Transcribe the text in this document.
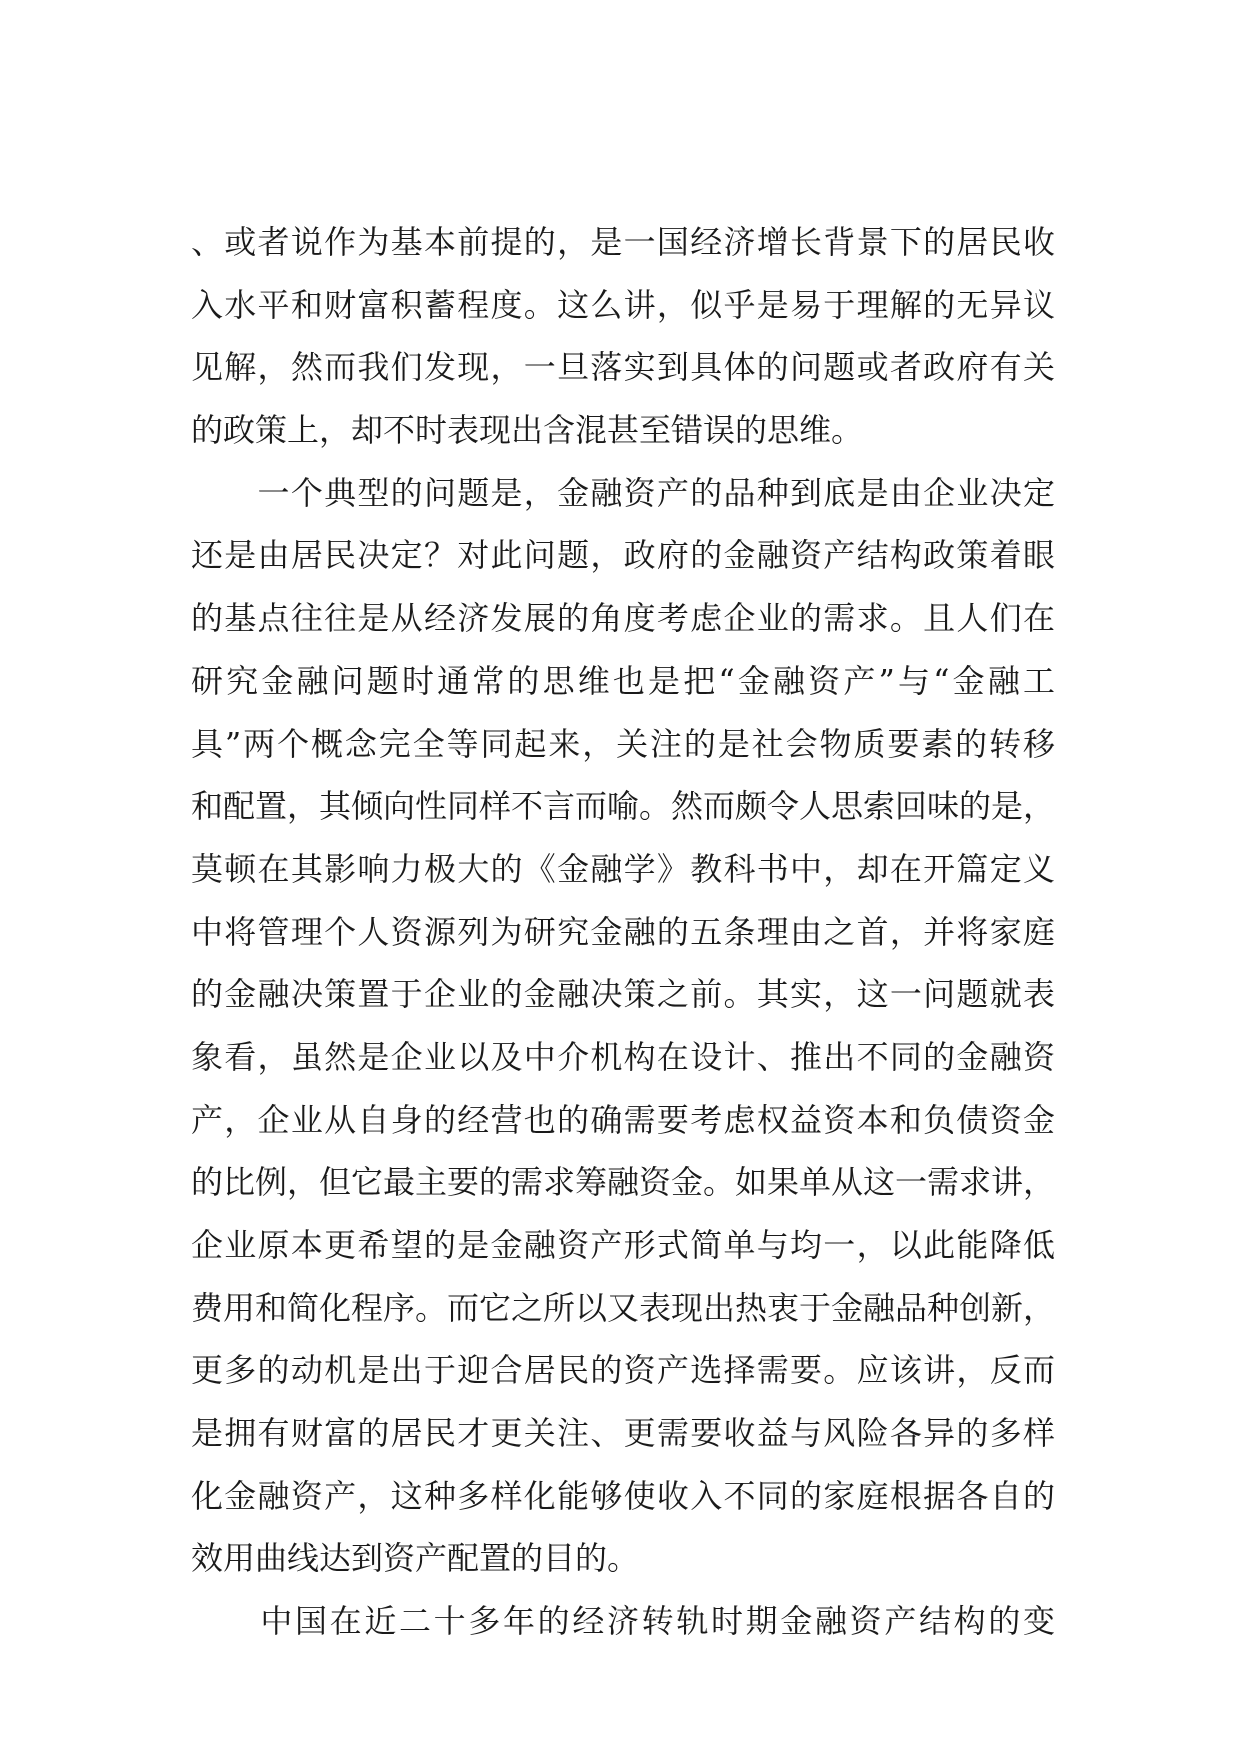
、或者说作为基本前提的，是一国经济增长背景下的居民收
入水平和财富积蓄程度。这么讲，似乎是易于理解的无异议
见解，然而我们发现，一旦落实到具体的问题或者政府有关
的政策上，却不时表现出含混甚至错误的思维。
　　一个典型的问题是，金融资产的品种到底是由企业决定
还是由居民决定？对此问题，政府的金融资产结构政策着眼
的基点往往是从经济发展的角度考虑企业的需求。且人们在
研究金融问题时通常的思维也是把“金融资产”与“金融工
具”两个概念完全等同起来，关注的是社会物质要素的转移
和配置，其倾向性同样不言而喻。然而颇令人思索回味的是，
莫顿在其影响力极大的《金融学》教科书中，却在开篇定义
中将管理个人资源列为研究金融的五条理由之首，并将家庭
的金融决策置于企业的金融决策之前。其实，这一问题就表
象看，虽然是企业以及中介机构在设计、推出不同的金融资
产，企业从自身的经营也的确需要考虑权益资本和负债资金
的比例，但它最主要的需求筹融资金。如果单从这一需求讲，
企业原本更希望的是金融资产形式简单与均一，以此能降低
费用和简化程序。而它之所以又表现出热衷于金融品种创新，
更多的动机是出于迎合居民的资产选择需要。应该讲，反而
是拥有财富的居民才更关注、更需要收益与风险各异的多样
化金融资产，这种多样化能够使收入不同的家庭根据各自的
效用曲线达到资产配置的目的。
　　中国在近二十多年的经济转轨时期金融资产结构的变
